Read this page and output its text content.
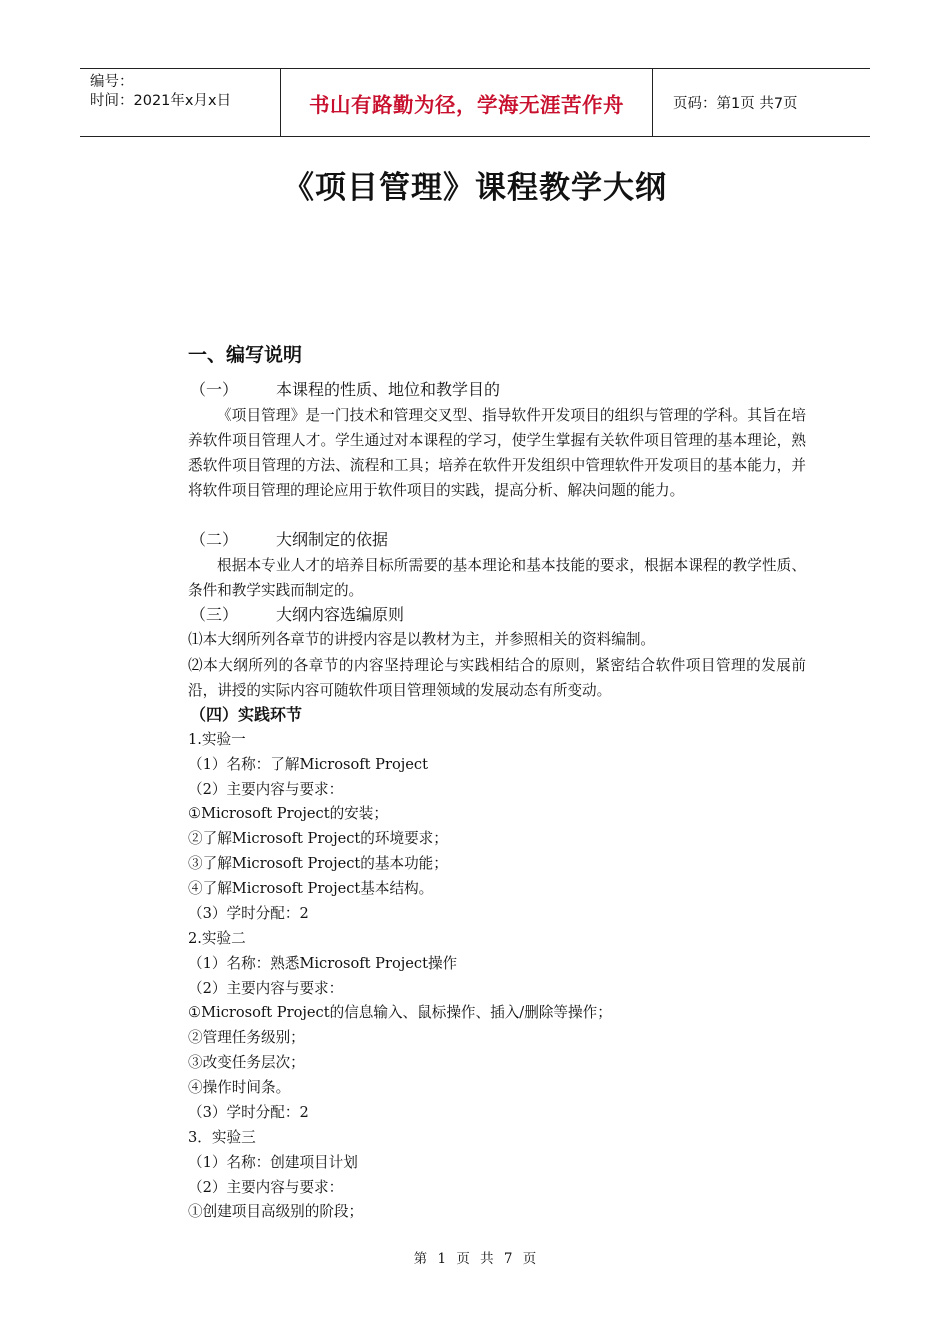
编号：
时间：2021年x月x日	书山有路勤为径，学海无涯苦作舟	页码：第1页 共7页
《项目管理》课程教学大纲
一、编写说明
（一） 本课程的性质、地位和教学目的
《项目管理》是一门技术和管理交叉型、指导软件开发项目的组织与管理的学科。其旨在培养软件项目管理人才。学生通过对本课程的学习，使学生掌握有关软件项目管理的基本理论，熟悉软件项目管理的方法、流程和工具；培养在软件开发组织中管理软件开发项目的基本能力，并将软件项目管理的理论应用于软件项目的实践，提高分析、解决问题的能力。
（二） 大纲制定的依据
根据本专业人才的培养目标所需要的基本理论和基本技能的要求，根据本课程的教学性质、条件和教学实践而制定的。
（三） 大纲内容选编原则
⑴本大纲所列各章节的讲授内容是以教材为主，并参照相关的资料编制。
⑵本大纲所列的各章节的内容坚持理论与实践相结合的原则，紧密结合软件项目管理的发展前沿，讲授的实际内容可随软件项目管理领域的发展动态有所变动。
（四）实践环节
1.实验一
（1）名称：了解Microsoft Project
（2）主要内容与要求：
①Microsoft Project的安装；
②了解Microsoft Project的环境要求；
③了解Microsoft Project的基本功能；
④了解Microsoft Project基本结构。
（3）学时分配：2
2.实验二
（1）名称：熟悉Microsoft Project操作
（2）主要内容与要求：
①Microsoft Project的信息输入、鼠标操作、插入/删除等操作；
②管理任务级别；
③改变任务层次；
④操作时间条。
（3）学时分配：2
3．实验三
（1）名称：创建项目计划
（2）主要内容与要求：
①创建项目高级别的阶段；
第 1 页 共 7 页
